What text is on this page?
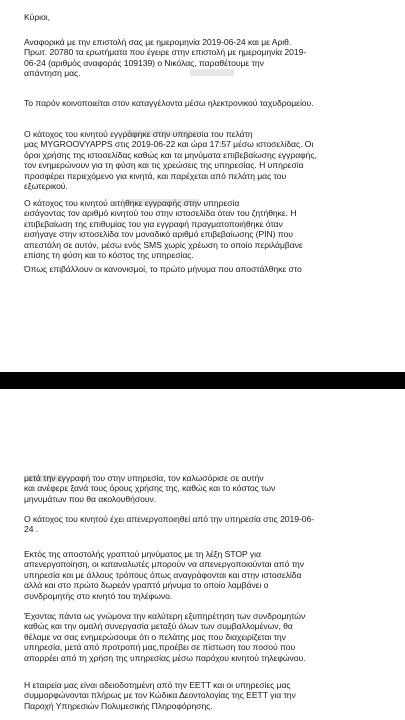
Κύριοι,

Αναφορικά με την επιστολή σας με ημερομηνία 2019-06-24 και με Αριθ.
Πρωτ. 20780 τα ερωτήματα που έγειρε στην επιστολή με ημερομηνία 2019-
06-24 (αριθμός αναφοράς 109139) ο Νικόλας, παραθέτουμε την
απάντηση μας.

Το παρόν κοινοποιείται στον καταγγέλοντα μέσω ηλεκτρονικού ταχυδρομείου.

Ο κάτοχος του κινητού εγγράφηκε στην υπηρεσία του πελάτη
μας MYGROOVYAPPS στις 2019-06-22 και ώρα 17:57 μέσω ιστοσελίδας. Οι
όροι χρήσης της ιστοσελίδας καθώς και τα μηνύματα επιβεβαίωσης εγγραφής,
τον ενημερώνουν για τη φύση και τις χρεώσεις της υπηρεσίας. Η υπηρεσία
προσφέρει περιεχόμενο για κινητά, και παρέχεται από πελάτη μας του
εξωτερικού.

Ο κάτοχος του κινητού αιτήθηκε εγγραφής στην υπηρεσία
εισάγοντας τον αριθμό κινητού του στην ιστοσελίδα όταν του ζητήθηκε. Η
επιβεβαίωση της επιθυμίας του για εγγραφή πραγματοποιήθηκε όταν
εισήγαγε στην ιστοσελίδα τον μοναδικό αριθμό επιβεβαίωσης (PIN) που
απεστάλη σε αυτόν, μέσω ενός SMS χωρίς χρέωση το οποίο περιλάμβανε
επίσης τη φύση και το κόστος της υπηρεσίας.

Όπως επιβάλλουν οι κανονισμοί, το πρώτο μήνυμα που αποστάλθηκε στο

μετά την εγγραφή του στην υπηρεσία, τον καλωσόρισε σε αυτήν
και ανέφερε ξανά τους όρους χρήσης της, καθώς και το κόστος των
μηνυμάτων που θα ακολουθήσουν.

Ο κάτοχος του κινητού έχει απενεργοποιηθεί από την υπηρεσία στις 2019-06-
24 .

Εκτός της αποστολής γραπτού μηνύματος με τη λέξη STOP για
απενεργοποίηση, οι καταναλωτές μπορούν να απενεργοποιούνται από την
υπηρεσία και με άλλους τρόπους όπως αναγράφονται και στην ιστοσελίδα
αλλά και στο πρώτο δωρεάν γραπτό μήνυμα το οποίο λαμβάνει ο
συνδρομητής στο κινητό του τηλέφωνο.

Έχοντας πάντα ως γνώμονα την καλύτερη εξυπηρέτηση των συνδρομητών
καθώς και την ομαλή συνεργασία μεταξύ όλων των συμβαλλομένων, θα
θέλαμε να σας ενημερώσουμε ότι ο πελάτης μας που διαχειρίζεται την
υπηρεσία, μετά από προτροπή μας,προέβει σε πίστωση του ποσού που
απορρέει από τη χρήση της υπηρεσίας μέσω παρόχου κινητού τηλεφώνου.

Η εταιρεία μας είναι αδειοδοτημένη από την ΕΕΤΤ και οι υπηρεσίες μας
συμμορφώνονται πλήρως με τον Κώδικα Δεοντολογίας της ΕΕΤΤ για την
Παροχή Υπηρεσιών Πολυμεσικής Πληροφόρησης.
